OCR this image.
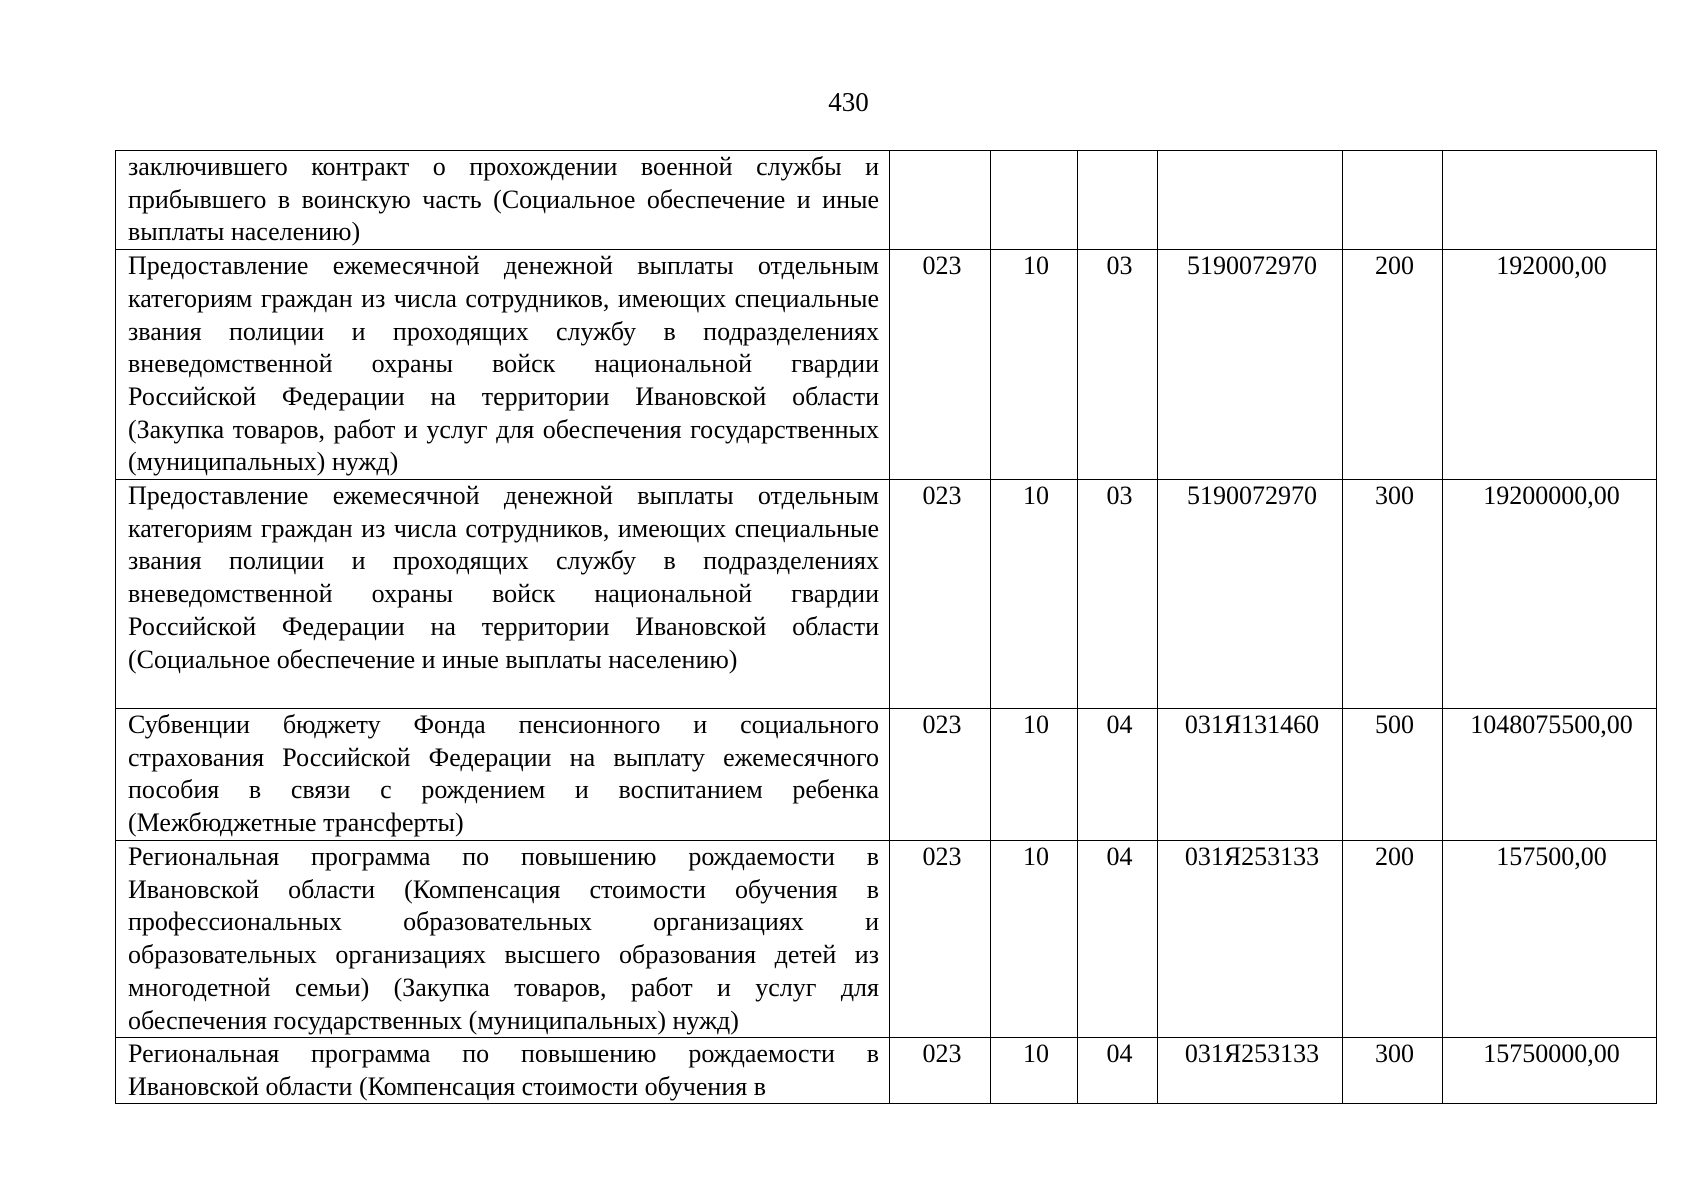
430
заключившего контракт о прохождении военной службы и прибывшего в воинскую часть (Социальное обеспечение и иные выплаты населению)						
Предоставление ежемесячной денежной выплаты отдельным категориям граждан из числа сотрудников, имеющих специальные звания полиции и проходящих службу в подразделениях вневедомственной охраны войск национальной гвардии Российской Федерации на территории Ивановской области (Закупка товаров, работ и услуг для обеспечения государственных (муниципальных) нужд)	023	10	03	5190072970	200	192000,00
Предоставление ежемесячной денежной выплаты отдельным категориям граждан из числа сотрудников, имеющих специальные звания полиции и проходящих службу в подразделениях вневедомственной охраны войск национальной гвардии Российской Федерации на территории Ивановской области (Социальное обеспечение и иные выплаты населению)	023	10	03	5190072970	300	19200000,00
Субвенции бюджету Фонда пенсионного и социального страхования Российской Федерации на выплату ежемесячного пособия в связи с рождением и воспитанием ребенка (Межбюджетные трансферты)	023	10	04	031Я131460	500	1048075500,00
Региональная программа по повышению рождаемости в Ивановской области (Компенсация стоимости обучения в профессиональных образовательных организациях и образовательных организациях высшего образования детей из многодетной семьи) (Закупка товаров, работ и услуг для обеспечения государственных (муниципальных) нужд)	023	10	04	031Я253133	200	157500,00

Региональная программа по повышению рождаемости в Ивановской области (Компенсация стоимости обучения в	023	10	04	031Я253133	300	15750000,00
